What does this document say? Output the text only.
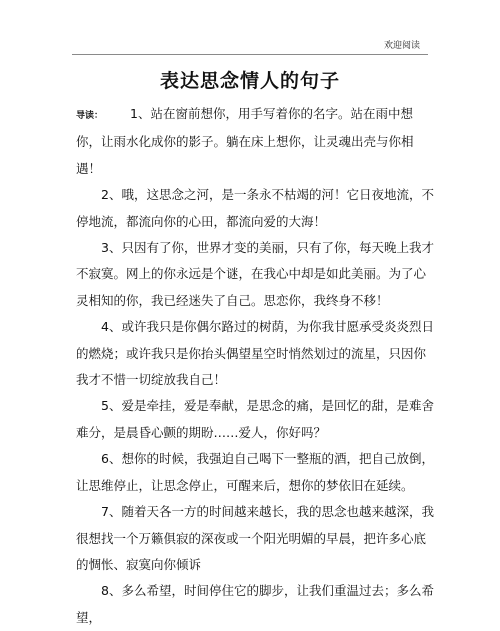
欢迎阅读
表达思念情人的句子

导读： 1、站在窗前想你，用手写着你的名字。站在雨中想你，让雨水化成你的影子。躺在床上想你，让灵魂出壳与你相遇！

2、哦，这思念之河，是一条永不枯竭的河！它日夜地流，不停地流，都流向你的心田，都流向爱的大海！

3、只因有了你，世界才变的美丽，只有了你，每天晚上我才不寂寞。网上的你永远是个谜，在我心中却是如此美丽。为了心灵相知的你，我已经迷失了自己。思恋你，我终身不移！

4、或许我只是你偶尔路过的树荫，为你我甘愿承受炎炎烈日的燃烧；或许我只是你抬头偶望星空时悄然划过的流星，只因你我才不惜一切绽放我自己！

5、爱是牵挂，爱是奉献，是思念的痛，是回忆的甜，是难舍难分，是晨昏心颤的期盼……爱人，你好吗？

6、想你的时候，我强迫自己喝下一整瓶的酒，把自己放倒，让思维停止，让思念停止，可醒来后，想你的梦依旧在延续。

7、随着天各一方的时间越来越长，我的思念也越来越深，我很想找一个万籁俱寂的深夜或一个阳光明媚的早晨，把许多心底的惆怅、寂寞向你倾诉

8、多么希望，时间停住它的脚步，让我们重温过去；多么希望，
